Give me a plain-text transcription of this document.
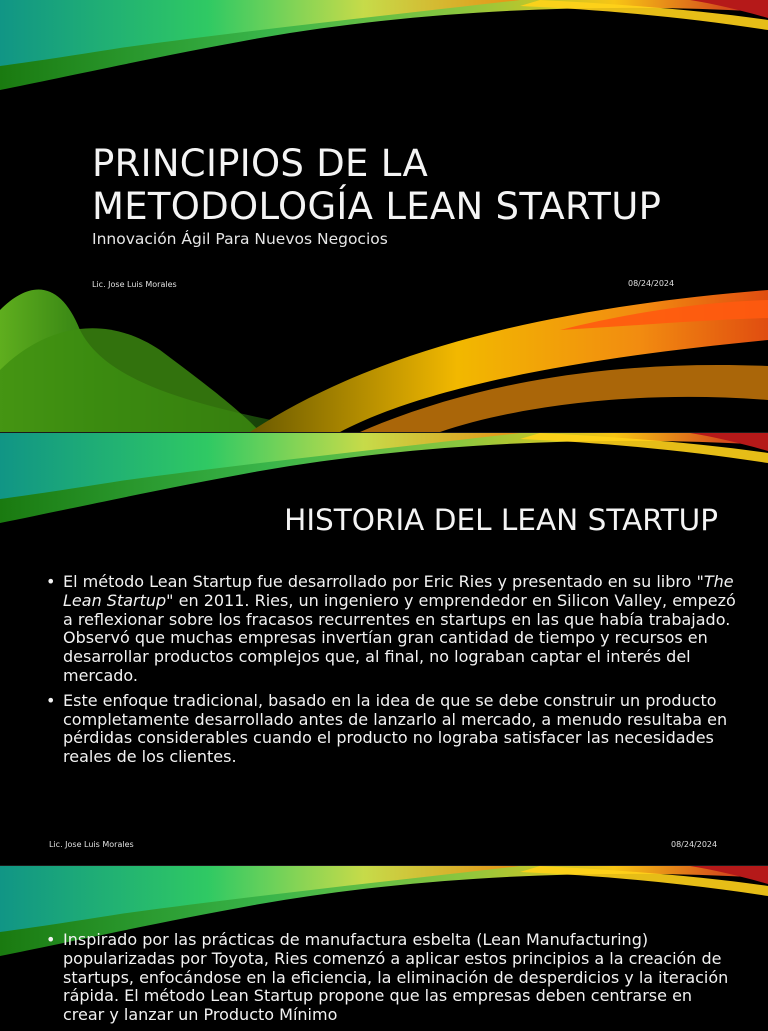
PRINCIPIOS DE LA
METODOLOGÍA LEAN STARTUP
Innovación Ágil Para Nuevos Negocios
Lic. Jose Luis Morales	08/24/2024
HISTORIA DEL LEAN STARTUP
• El método Lean Startup fue desarrollado por Eric Ries y presentado en su libro "The Lean Startup" en 2011. Ries, un ingeniero y emprendedor en Silicon Valley, empezó a reflexionar sobre los fracasos recurrentes en startups en las que había trabajado. Observó que muchas empresas invertían gran cantidad de tiempo y recursos en desarrollar productos complejos que, al final, no lograban captar el interés del mercado.
• Este enfoque tradicional, basado en la idea de que se debe construir un producto completamente desarrollado antes de lanzarlo al mercado, a menudo resultaba en pérdidas considerables cuando el producto no lograba satisfacer las necesidades reales de los clientes.
Lic. Jose Luis Morales	08/24/2024
• Inspirado por las prácticas de manufactura esbelta (Lean Manufacturing) popularizadas por Toyota, Ries comenzó a aplicar estos principios a la creación de startups, enfocándose en la eficiencia, la eliminación de desperdicios y la iteración rápida. El método Lean Startup propone que las empresas deben centrarse en crear y lanzar un Producto Mínimo
